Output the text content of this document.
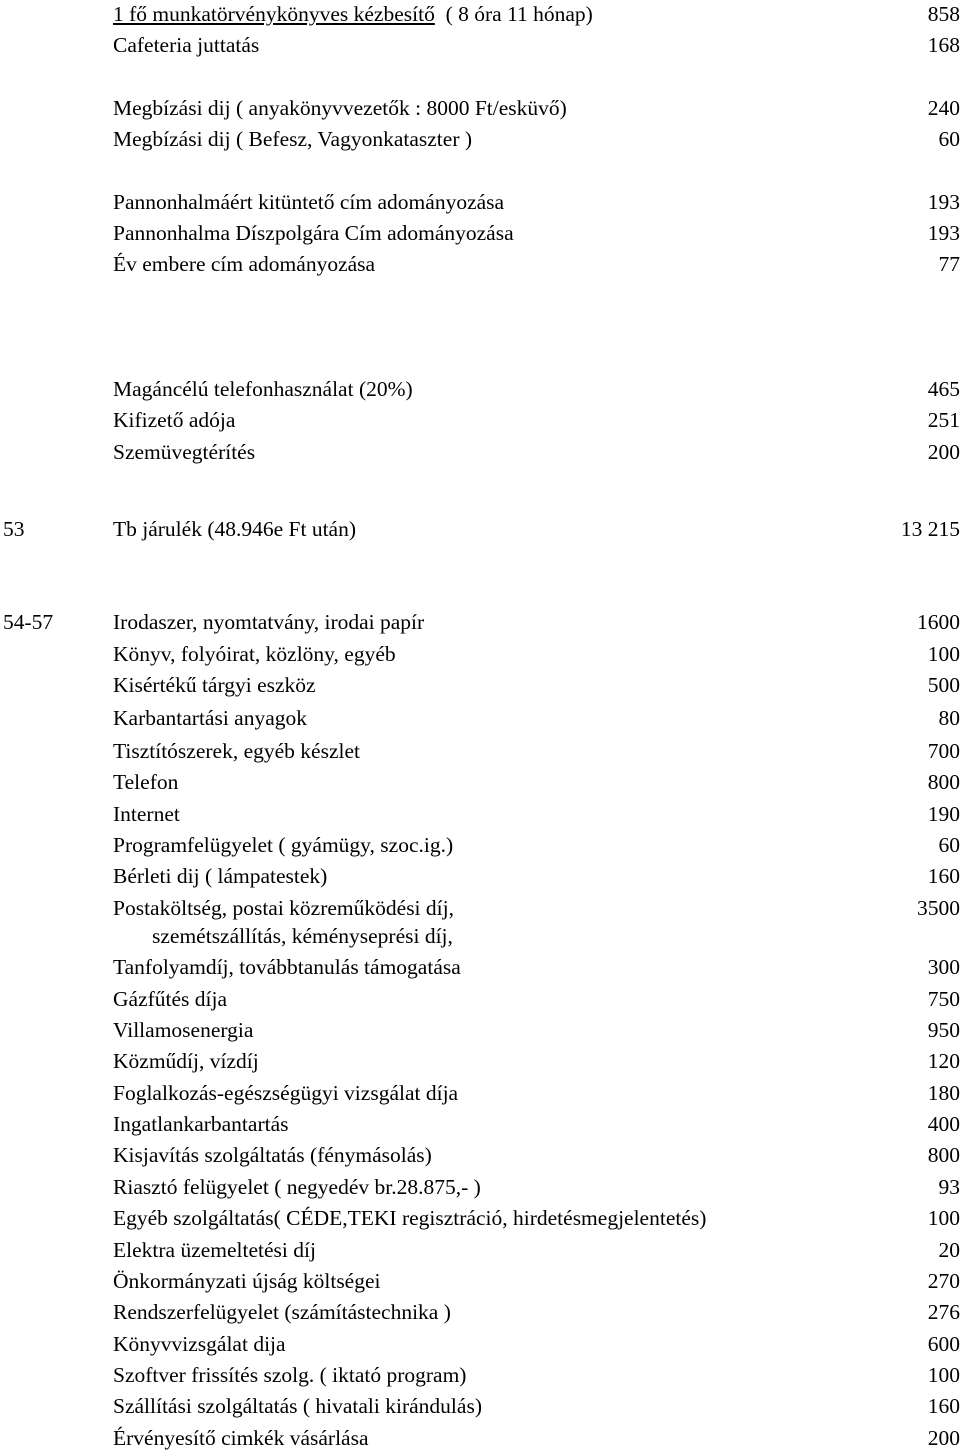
1 fő munkatörvénykönyves kézbesítő  ( 8 óra 11 hónap)	858
Cafeteria juttatás	168
Megbízási dij ( anyakönyvvezetők : 8000 Ft/esküvő)	240
Megbízási dij ( Befesz, Vagyonkataszter )	60
Pannonhalmáért kitüntető cím adományozása	193
Pannonhalma Díszpolgára Cím adományozása	193
Év embere cím adományozása	77
Magáncélú telefonhasználat (20%)	465
Kifizető adója	251
Szemüvegtérítés	200
53	Tb járulék (48.946e Ft után)	13 215
54-57	Irodaszer, nyomtatvány, irodai papír	1600
Könyv, folyóirat, közlöny, egyéb	100
Kisértékű tárgyi eszköz	500
Karbantartási anyagok	80
Tisztítószerek, egyéb készlet	700
Telefon	800
Internet	190
Programfelügyelet ( gyámügy, szoc.ig.)	60
Bérleti dij ( lámpatestek)	160
Postaköltség, postai közreműködési díj,	3500
szemétszállítás, kéményseprési díj,
Tanfolyamdíj, továbbtanulás támogatása	300
Gázfűtés díja	750
Villamosenergia	950
Közműdíj, vízdíj	120
Foglalkozás-egészségügyi vizsgálat díja	180
Ingatlankarbantartás	400
Kisjavítás szolgáltatás (fénymásolás)	800
Riasztó felügyelet ( negyedév br.28.875,- )	93
Egyéb szolgáltatás( CÉDE,TEKI regisztráció, hirdetésmegjelentetés)	100
Elektra üzemeltetési díj	20
Önkormányzati újság költségei	270
Rendszerfelügyelet (számítástechnika )	276
Könyvvizsgálat dija	600
Szoftver frissítés szolg. ( iktató program)	100
Szállítási szolgáltatás ( hivatali kirándulás)	160
Érvényesítő cimkék vásárlása	200
